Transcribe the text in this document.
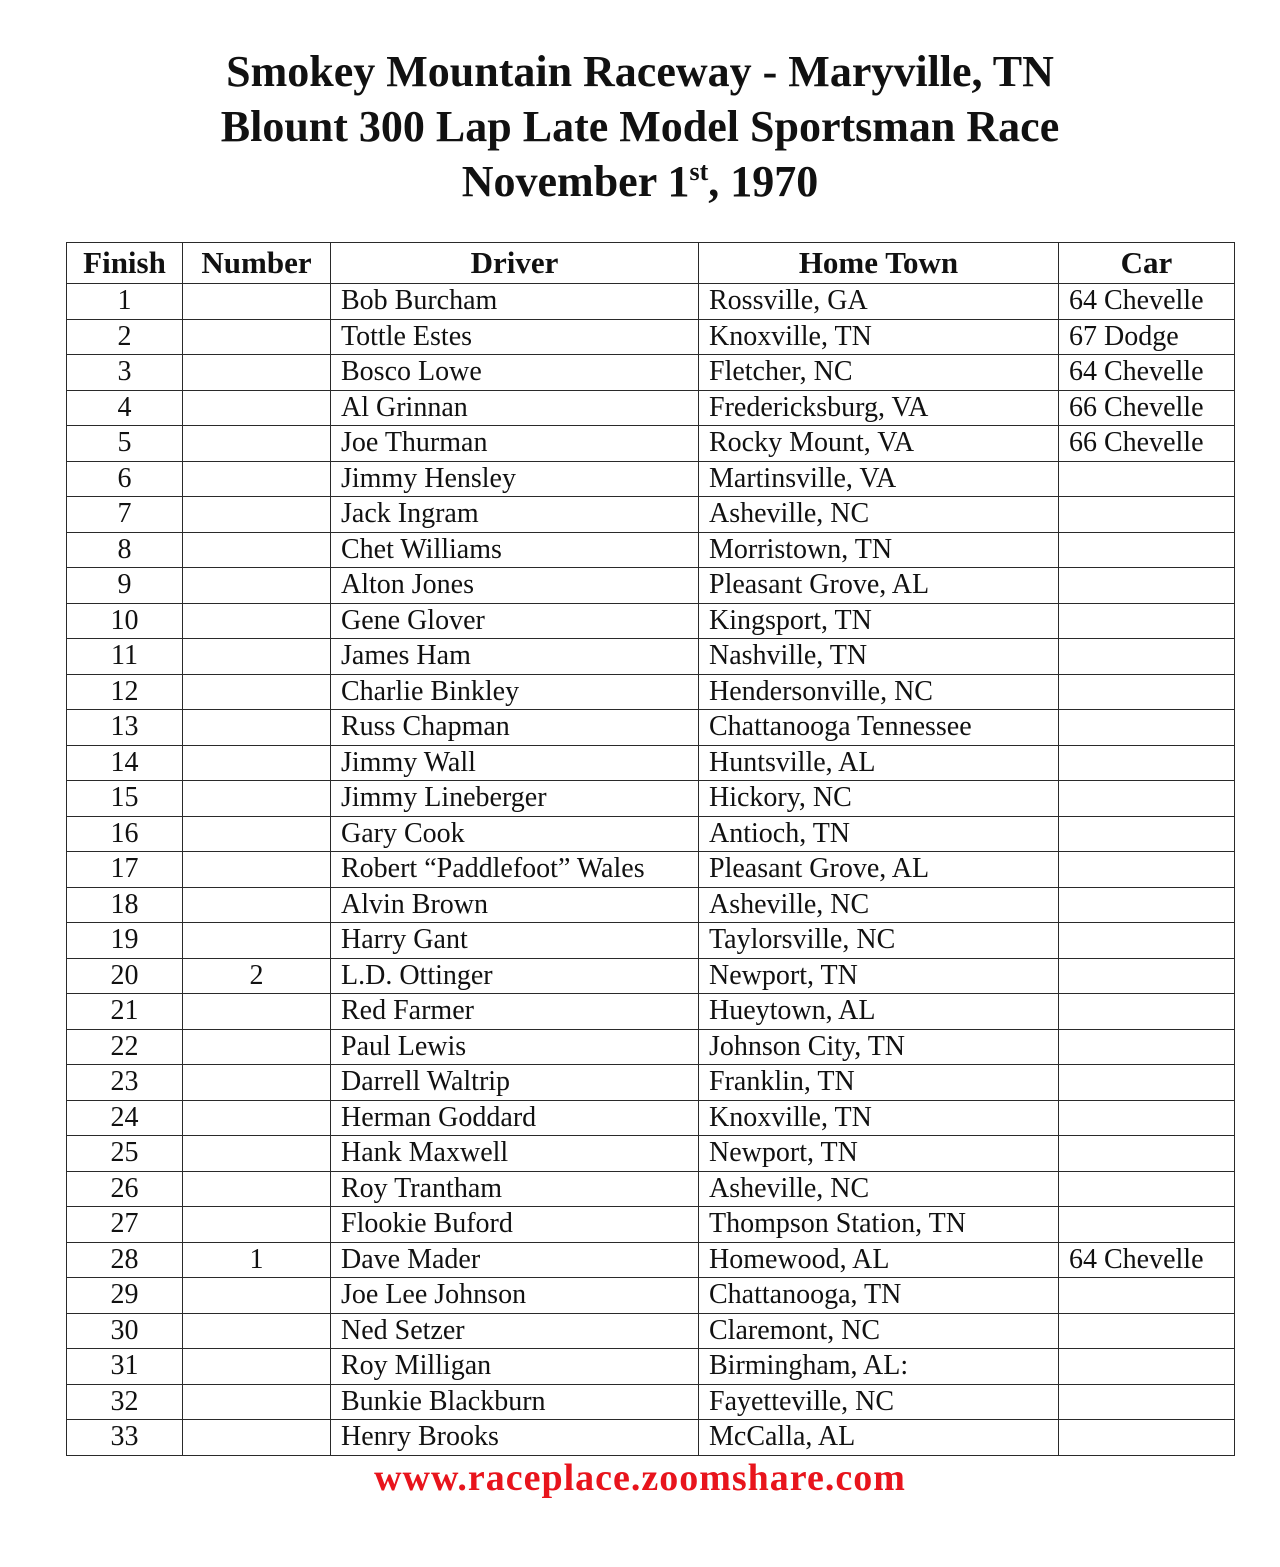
Smokey Mountain Raceway - Maryville, TN
Blount 300 Lap Late Model Sportsman Race
November 1st, 1970
Finish	Number	Driver	Home Town	Car
1		Bob Burcham	Rossville, GA	64 Chevelle
2		Tottle Estes	Knoxville, TN	67 Dodge
3		Bosco Lowe	Fletcher, NC	64 Chevelle
4		Al Grinnan	Fredericksburg, VA	66 Chevelle
5		Joe Thurman	Rocky Mount, VA	66 Chevelle
6		Jimmy Hensley	Martinsville, VA	
7		Jack Ingram	Asheville, NC	
8		Chet Williams	Morristown, TN	
9		Alton Jones	Pleasant Grove, AL	
10		Gene Glover	Kingsport, TN	
11		James Ham	Nashville, TN	
12		Charlie Binkley	Hendersonville, NC	
13		Russ Chapman	Chattanooga Tennessee	
14		Jimmy Wall	Huntsville, AL	
15		Jimmy Lineberger	Hickory, NC	
16		Gary Cook	Antioch, TN	
17		Robert “Paddlefoot” Wales	Pleasant Grove, AL	
18		Alvin Brown	Asheville, NC	
19		Harry Gant	Taylorsville, NC	
20	2	L.D. Ottinger	Newport, TN	
21		Red Farmer	Hueytown, AL	
22		Paul Lewis	Johnson City, TN	
23		Darrell Waltrip	Franklin, TN	
24		Herman Goddard	Knoxville, TN	
25		Hank Maxwell	Newport, TN	
26		Roy Trantham	Asheville, NC	
27		Flookie Buford	Thompson Station, TN	
28	1	Dave Mader	Homewood, AL	64 Chevelle
29		Joe Lee Johnson	Chattanooga, TN	
30		Ned Setzer	Claremont, NC	
31		Roy Milligan	Birmingham, AL:	
32		Bunkie Blackburn	Fayetteville, NC	
33		Henry Brooks	McCalla, AL	
www.raceplace.zoomshare.com
